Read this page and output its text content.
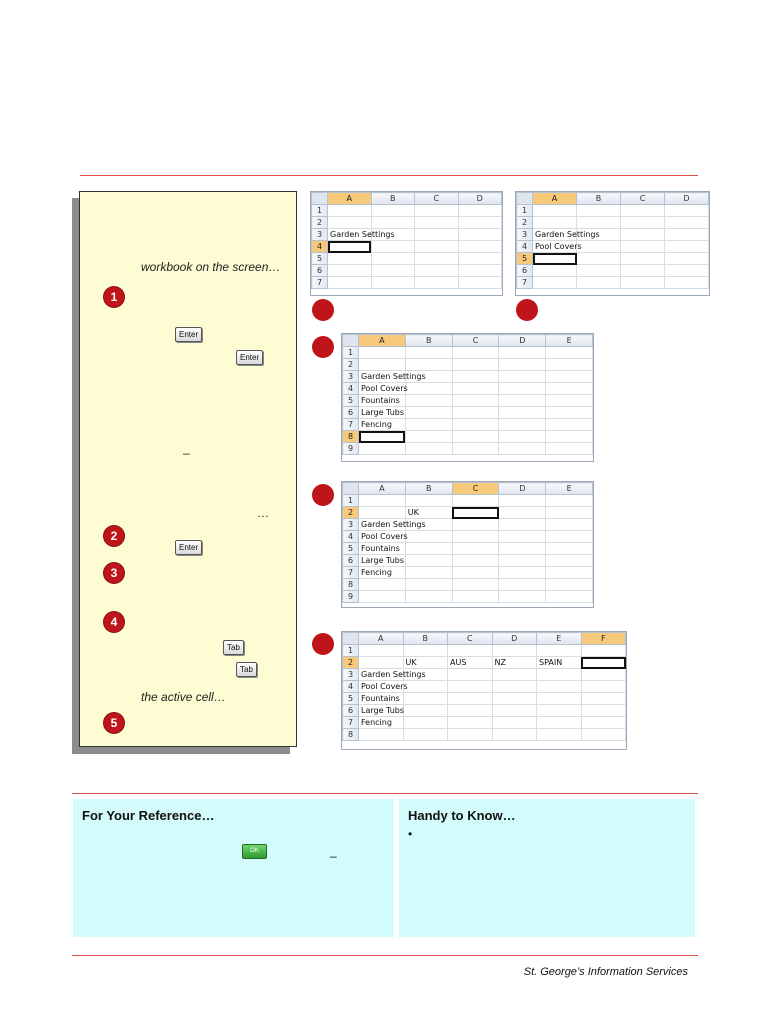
workbook on the screen…
1
Enter
Enter
–
…
2
Enter
3
4
Tab
Tab
the active cell…
5
	A	B	C	D
1				
2				
3	Garden Settings			
4				
5				
6				
7				
	A	B	C	D
1				
2				
3	Garden Settings			
4	Pool Covers			
5				
6				
7				
	A	B	C	D	E
1					
2					
3	Garden Settings				
4	Pool Covers				
5	Fountains				
6	Large Tubs				
7	Fencing				
8					
9					
	A	B	C	D	E
1					
2		UK			
3	Garden Settings				
4	Pool Covers				
5	Fountains				
6	Large Tubs				
7	Fencing				
8					
9					
	A	B	C	D	E	F
1						
2		UK	AUS	NZ	SPAIN	
3	Garden Settings					
4	Pool Covers					
5	Fountains					
6	Large Tubs					
7	Fencing					
8						
For Your Reference…
OK	–
Handy to Know…
•
St. George’s Information Services
